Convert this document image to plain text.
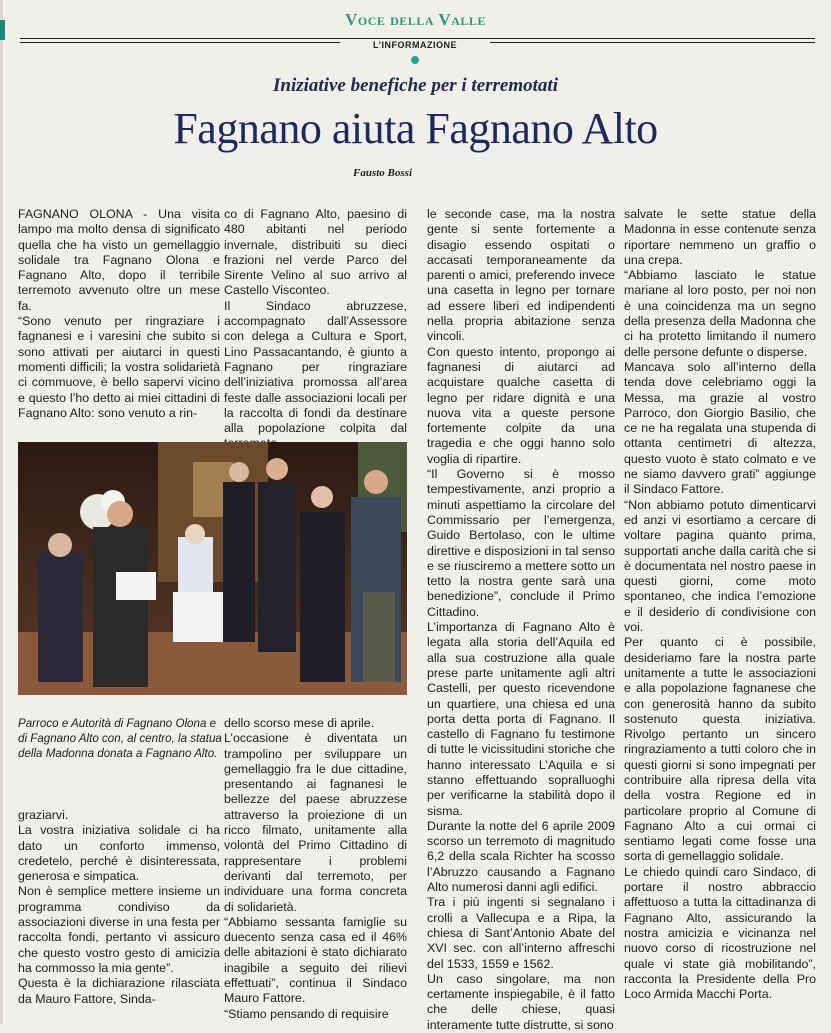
Voce della Valle
L’INFORMAZIONE
Iniziative benefiche per i terremotati
Fagnano aiuta Fagnano Alto
Fausto Bossi

FAGNANO OLONA - Una visita lampo ma molto densa di significato quella che ha visto un gemellaggio solidale tra Fagnano Olona e Fagnano Alto, dopo il terribile terremoto avvenuto oltre un mese fa.
“Sono venuto per ringraziare i fagnanesi e i varesini che subito si sono attivati per aiutarci in questi momenti difficili; la vostra solidarietà ci commuove, è bello sapervi vicino e questo l’ho detto ai miei cittadini di Fagnano Alto: sono venuto a rin-

co di Fagnano Alto, paesino di 480 abitanti nel periodo invernale, distribuiti su dieci frazioni nel verde Parco del Sirente Velino al suo arrivo al Castello Visconteo.
Il Sindaco abruzzese, accompagnato dall’Assessore con delega a Cultura e Sport, Lino Passacantando, è giunto a Fagnano per ringraziare dell’iniziativa promossa all’area feste dalle associazioni locali per la raccolta di fondi da destinare alla popolazione colpita dal

Parroco e Autorità di Fagnano Olona e di Fagnano Alto con, al centro, la statua della Madonna donata a Fagnano Alto.

graziarvi.
La vostra iniziativa solidale ci ha dato un conforto immenso, credetelo, perché è disinteressata, generosa e simpatica.
Non è semplice mettere insieme un programma condiviso da associazioni diverse in una festa per raccolta fondi, pertanto vi assicuro che questo vostro gesto di amicizia ha commosso la mia gente”.
Questa è la dichiarazione rilasciata da Mauro Fattore, Sinda-

dello scorso mese di aprile.
L’occasione è diventata un trampolino per sviluppare un gemellaggio fra le due cittadine, presentando ai fagnanesi le bellezze del paese abruzzese attraverso la proiezione di un ricco filmato, unitamente alla volontà del Primo Cittadino di rappresentare i problemi derivanti dal terremoto, per individuare una forma concreta di solidarietà.
“Abbiamo sessanta famiglie su duecento senza casa ed il 46% delle abitazioni è stato dichiarato inagibile a seguito dei rilievi effettuati”, continua il Sindaco Mauro Fattore.
“Stiamo pensando di requisire

le seconde case, ma la nostra gente si sente fortemente a disagio essendo ospitati o accasati temporaneamente da parenti o amici, preferendo invece una casetta in legno per tornare ad essere liberi ed indipendenti nella propria abitazione senza vincoli.
Con questo intento, propongo ai fagnanesi di aiutarci ad acquistare qualche casetta di legno per ridare dignità e una nuova vita a queste persone fortemente colpite da una tragedia e che oggi hanno solo voglia di ripartire.
“Il Governo si è mosso tempestivamente, anzi proprio a minuti aspettiamo la circolare del Commissario per l’emergenza, Guido Bertolaso, con le ultime direttive e disposizioni in tal senso e se riusciremo a mettere sotto un tetto la nostra gente sarà una benedizione”, conclude il Primo Cittadino.
L’importanza di Fagnano Alto è legata alla storia dell’Aquila ed alla sua costruzione alla quale prese parte unitamente agli altri Castelli, per questo ricevendone un quartiere, una chiesa ed una porta detta porta di Fagnano. Il castello di Fagnano fu testimone di tutte le vicissitudini storiche che hanno interessato L’Aquila e si stanno effettuando sopralluoghi per verificarne la stabilità dopo il sisma.
Durante la notte del 6 aprile 2009 scorso un terremoto di magnitudo 6,2 della scala Richter ha scosso l’Abruzzo causando a Fagnano Alto numerosi danni agli edifici.
Tra i più ingenti si segnalano i crolli a Vallecupa e a Ripa, la chiesa di Sant’Antonio Abate del XVI sec. con all’interno affreschi del 1533, 1559 e 1562.
Un caso singolare, ma non certamente inspiegabile, è il fatto che delle chiese, quasi interamente tutte distrutte, si sono

salvate le sette statue della Madonna in esse contenute senza riportare nemmeno un graffio o una crepa.
“Abbiamo lasciato le statue mariane al loro posto, per noi non è una coincidenza ma un segno della presenza della Madonna che ci ha protetto limitando il numero delle persone defunte o disperse.
Mancava solo all’interno della tenda dove celebriamo oggi la Messa, ma grazie al vostro Parroco, don Giorgio Basilio, che ce ne ha regalata una stupenda di ottanta centimetri di altezza, questo vuoto è stato colmato e ve ne siamo davvero grati” aggiunge il Sindaco Fattore.
“Non abbiamo potuto dimenticarvi ed anzi vi esortiamo a cercare di voltare pagina quanto prima, supportati anche dalla carità che si è documentata nel nostro paese in questi giorni, come moto spontaneo, che indica l’emozione e il desiderio di condivisione con voi.
Per quanto ci è possibile, desideriamo fare la nostra parte unitamente a tutte le associazioni e alla popolazione fagnanese che con generosità hanno da subito sostenuto questa iniziativa. Rivolgo pertanto un sincero ringraziamento a tutti coloro che in questi giorni si sono impegnati per contribuire alla ripresa della vita della vostra Regione ed in particolare proprio al Comune di Fagnano Alto a cui ormai ci sentiamo legati come fosse una sorta di gemellaggio solidale.
Le chiedo quindi caro Sindaco, di portare il nostro abbraccio affettuoso a tutta la cittadinanza di Fagnano Alto, assicurando la nostra amicizia e vicinanza nel nuovo corso di ricostruzione nel quale vi state già mobilitando”, racconta la Presidente della Pro Loco Armida Macchi Porta.
